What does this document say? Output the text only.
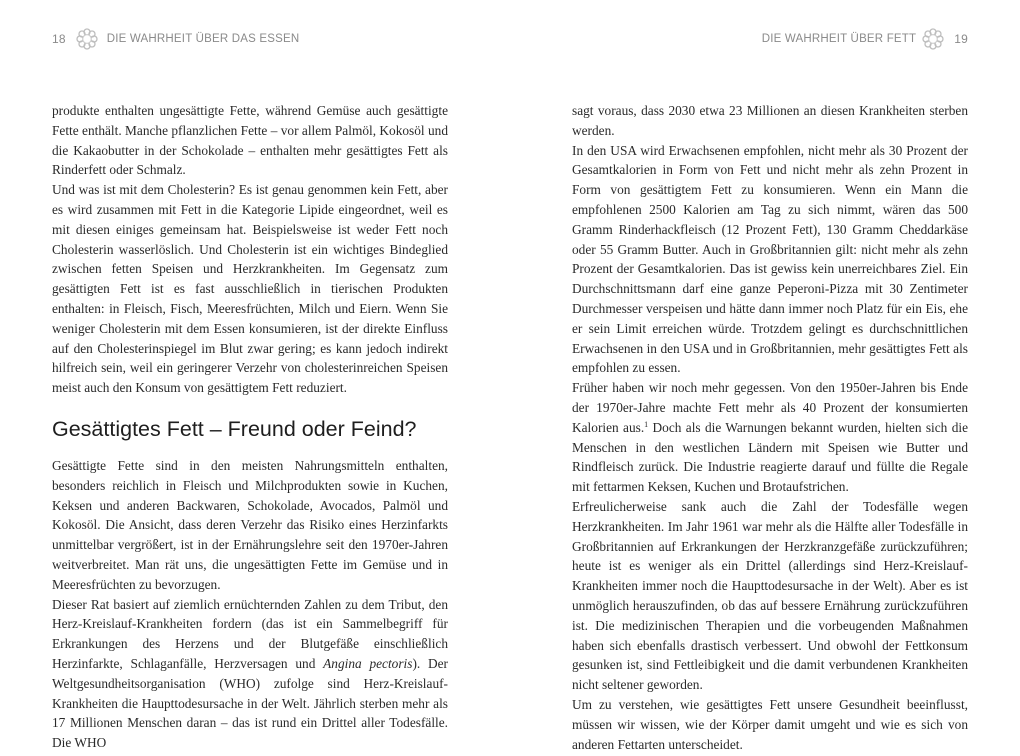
18	DIE WAHRHEIT ÜBER DAS ESSEN

produkte enthalten ungesättigte Fette, während Gemüse auch gesättigte Fette enthält. Manche pflanzlichen Fette – vor allem Palmöl, Kokosöl und die Kakaobutter in der Schokolade – enthalten mehr gesättigtes Fett als Rinderfett oder Schmalz.

Und was ist mit dem Cholesterin? Es ist genau genommen kein Fett, aber es wird zusammen mit Fett in die Kategorie Lipide eingeordnet, weil es mit diesen einiges gemeinsam hat. Beispielsweise ist weder Fett noch Cholesterin wasserlöslich. Und Cholesterin ist ein wichtiges Bindeglied zwischen fetten Speisen und Herzkrankheiten. Im Gegensatz zum gesättigten Fett ist es fast ausschließlich in tierischen Produkten enthalten: in Fleisch, Fisch, Meeresfrüchten, Milch und Eiern. Wenn Sie weniger Cholesterin mit dem Essen konsumieren, ist der direkte Einfluss auf den Cholesterinspiegel im Blut zwar gering; es kann jedoch indirekt hilfreich sein, weil ein geringerer Verzehr von cholesterinreichen Speisen meist auch den Konsum von gesättigtem Fett reduziert.

Gesättigtes Fett – Freund oder Feind?

Gesättigte Fette sind in den meisten Nahrungsmitteln enthalten, besonders reichlich in Fleisch und Milchprodukten sowie in Kuchen, Keksen und anderen Backwaren, Schokolade, Avocados, Palmöl und Kokosöl. Die Ansicht, dass deren Verzehr das Risiko eines Herzinfarkts unmittelbar vergrößert, ist in der Ernährungslehre seit den 1970er-Jahren weitverbreitet. Man rät uns, die ungesättigten Fette im Gemüse und in Meeresfrüchten zu bevorzugen.

Dieser Rat basiert auf ziemlich ernüchternden Zahlen zu dem Tribut, den Herz-Kreislauf-Krankheiten fordern (das ist ein Sammelbegriff für Erkrankungen des Herzens und der Blutgefäße einschließlich Herzinfarkte, Schlaganfälle, Herzversagen und Angina pectoris). Der Weltgesundheitsorganisation (WHO) zufolge sind Herz-Kreislauf-Krankheiten die Haupttodesursache in der Welt. Jährlich sterben mehr als 17 Millionen Menschen daran – das ist rund ein Drittel aller Todesfälle. Die WHO

DIE WAHRHEIT ÜBER FETT	19

sagt voraus, dass 2030 etwa 23 Millionen an diesen Krankheiten sterben werden.

In den USA wird Erwachsenen empfohlen, nicht mehr als 30 Prozent der Gesamtkalorien in Form von Fett und nicht mehr als zehn Prozent in Form von gesättigtem Fett zu konsumieren. Wenn ein Mann die empfohlenen 2500 Kalorien am Tag zu sich nimmt, wären das 500 Gramm Rinderhackfleisch (12 Prozent Fett), 130 Gramm Cheddarkäse oder 55 Gramm Butter. Auch in Großbritannien gilt: nicht mehr als zehn Prozent der Gesamtkalorien. Das ist gewiss kein unerreichbares Ziel. Ein Durchschnittsmann darf eine ganze Peperoni-Pizza mit 30 Zentimeter Durchmesser verspeisen und hätte dann immer noch Platz für ein Eis, ehe er sein Limit erreichen würde. Trotzdem gelingt es durchschnittlichen Erwachsenen in den USA und in Großbritannien, mehr gesättigtes Fett als empfohlen zu essen.

Früher haben wir noch mehr gegessen. Von den 1950er-Jahren bis Ende der 1970er-Jahre machte Fett mehr als 40 Prozent der konsumierten Kalorien aus.$^1$ Doch als die Warnungen bekannt wurden, hielten sich die Menschen in den westlichen Ländern mit Speisen wie Butter und Rindfleisch zurück. Die Industrie reagierte darauf und füllte die Regale mit fettarmen Keksen, Kuchen und Brotaufstrichen.

Erfreulicherweise sank auch die Zahl der Todesfälle wegen Herzkrankheiten. Im Jahr 1961 war mehr als die Hälfte aller Todesfälle in Großbritannien auf Erkrankungen der Herzkranzgefäße zurückzuführen; heute ist es weniger als ein Drittel (allerdings sind Herz-Kreislauf-Krankheiten immer noch die Haupttodesursache in der Welt). Aber es ist unmöglich herauszufinden, ob das auf bessere Ernährung zurückzuführen ist. Die medizinischen Therapien und die vorbeugenden Maßnahmen haben sich ebenfalls drastisch verbessert. Und obwohl der Fettkonsum gesunken ist, sind Fettleibigkeit und die damit verbundenen Krankheiten nicht seltener geworden.

Um zu verstehen, wie gesättigtes Fett unsere Gesundheit beeinflusst, müssen wir wissen, wie der Körper damit umgeht und wie es sich von anderen Fettarten unterscheidet.
